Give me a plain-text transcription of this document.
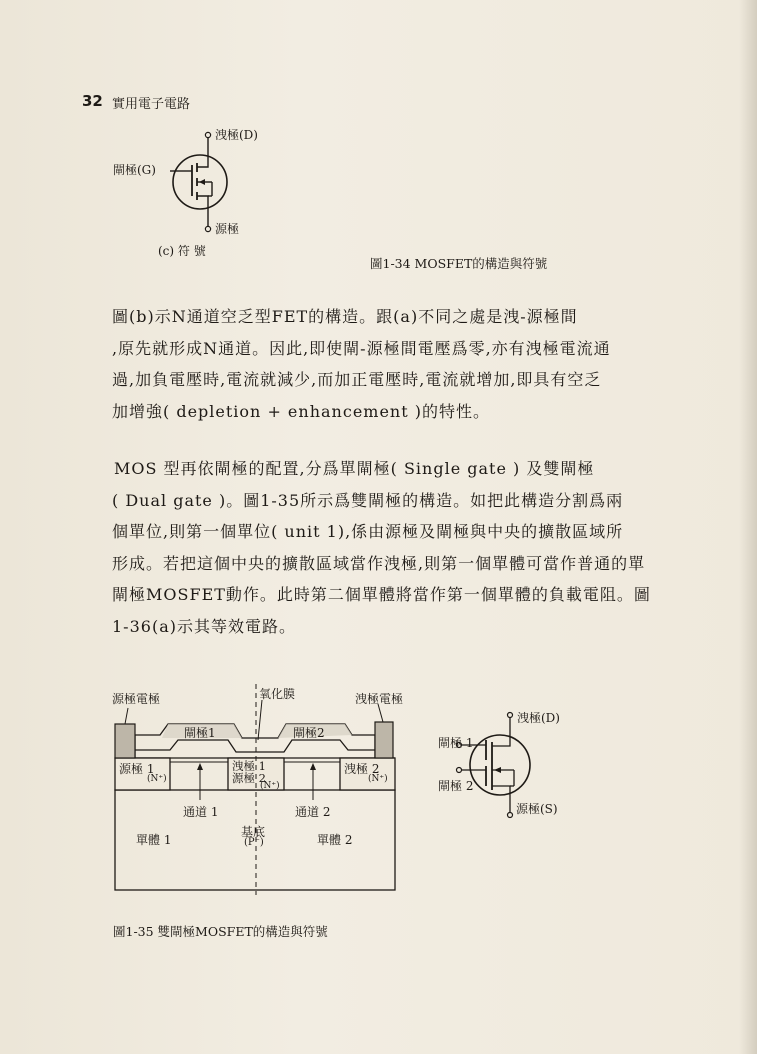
32 實用電子電路
洩極(D)
閘極(G)
源極
(c) 符 號
圖1-34 MOSFET的構造與符號
圖(b)示N通道空乏型FET的構造。跟(a)不同之處是洩-源極間
,原先就形成N通道。因此,即使閘-源極間電壓爲零,亦有洩極電流通
過,加負電壓時,電流就減少,而加正電壓時,電流就增加,即具有空乏
加增強( depletion + enhancement )的特性。
MOS 型再依閘極的配置,分爲單閘極( Single gate ) 及雙閘極
( Dual gate )。圖1-35所示爲雙閘極的構造。如把此構造分割爲兩
個單位,則第一個單位( unit 1),係由源極及閘極與中央的擴散區域所
形成。若把這個中央的擴散區域當作洩極,則第一個單體可當作普通的單
閘極MOSFET動作。此時第二個單體將當作第一個單體的負載電阻。圖
1-36(a)示其等效電路。
源極電極	氧化膜	洩極電極
閘極1	閘極2
源極 1
(N⁺)
洩極 1
源極 2
(N⁺)
洩極 2
(N⁺)
通道 1	通道 2
單體 1
基底
(P⁻)	單體 2
洩極(D)
閘極 1
閘極 2
源極(S)
圖1-35 雙閘極MOSFET的構造與符號
